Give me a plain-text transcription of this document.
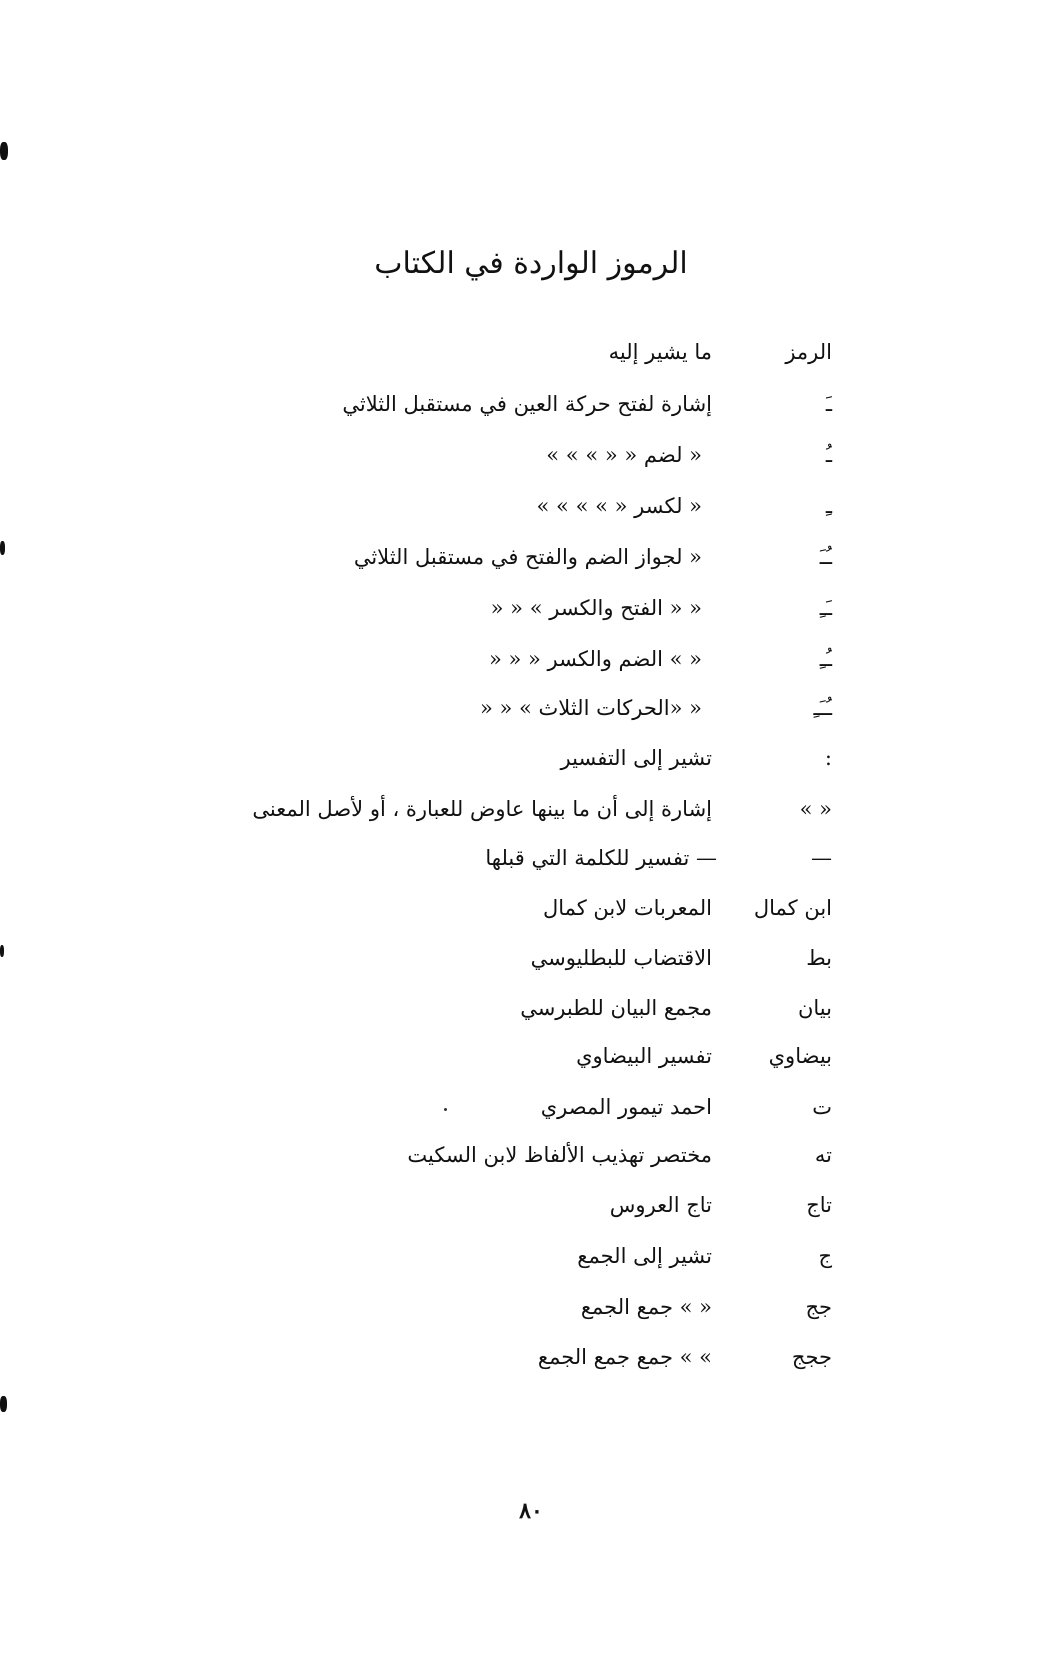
الرموز الواردة في الكتاب
الرمز
ما يشير إليه
ـَ
إشارة لفتح حركة العين في مستقبل الثلاثي
ـُ
« لضم « « » » »
ـِ
« لكسر « » » » »
ـُـَ
« لجواز الضم والفتح في مستقبل الثلاثي
ـَـِ
« « الفتح والكسر » « «
ـُـِ
« » الضم والكسر « « «
ـُـَـِ
« «الحركات الثلاث » « «
:
تشير إلى التفسير
« »
إشارة إلى أن ما بينها عاوض للعبارة ، أو لأصل المعنى
—
— تفسير للكلمة التي قبلها
ابن كمال
المعربات لابن كمال
بط
الاقتضاب للبطليوسي
بيان
مجمع البيان للطبرسي
بيضاوي
تفسير البيضاوي
ت
احمد تيمور المصري
ته
مختصر تهذيب الألفاظ لابن السكيت
تاج
تاج العروس
ج
تشير إلى الجمع
جج
« » جمع الجمع
ججج
» » جمع جمع الجمع
٨٠
